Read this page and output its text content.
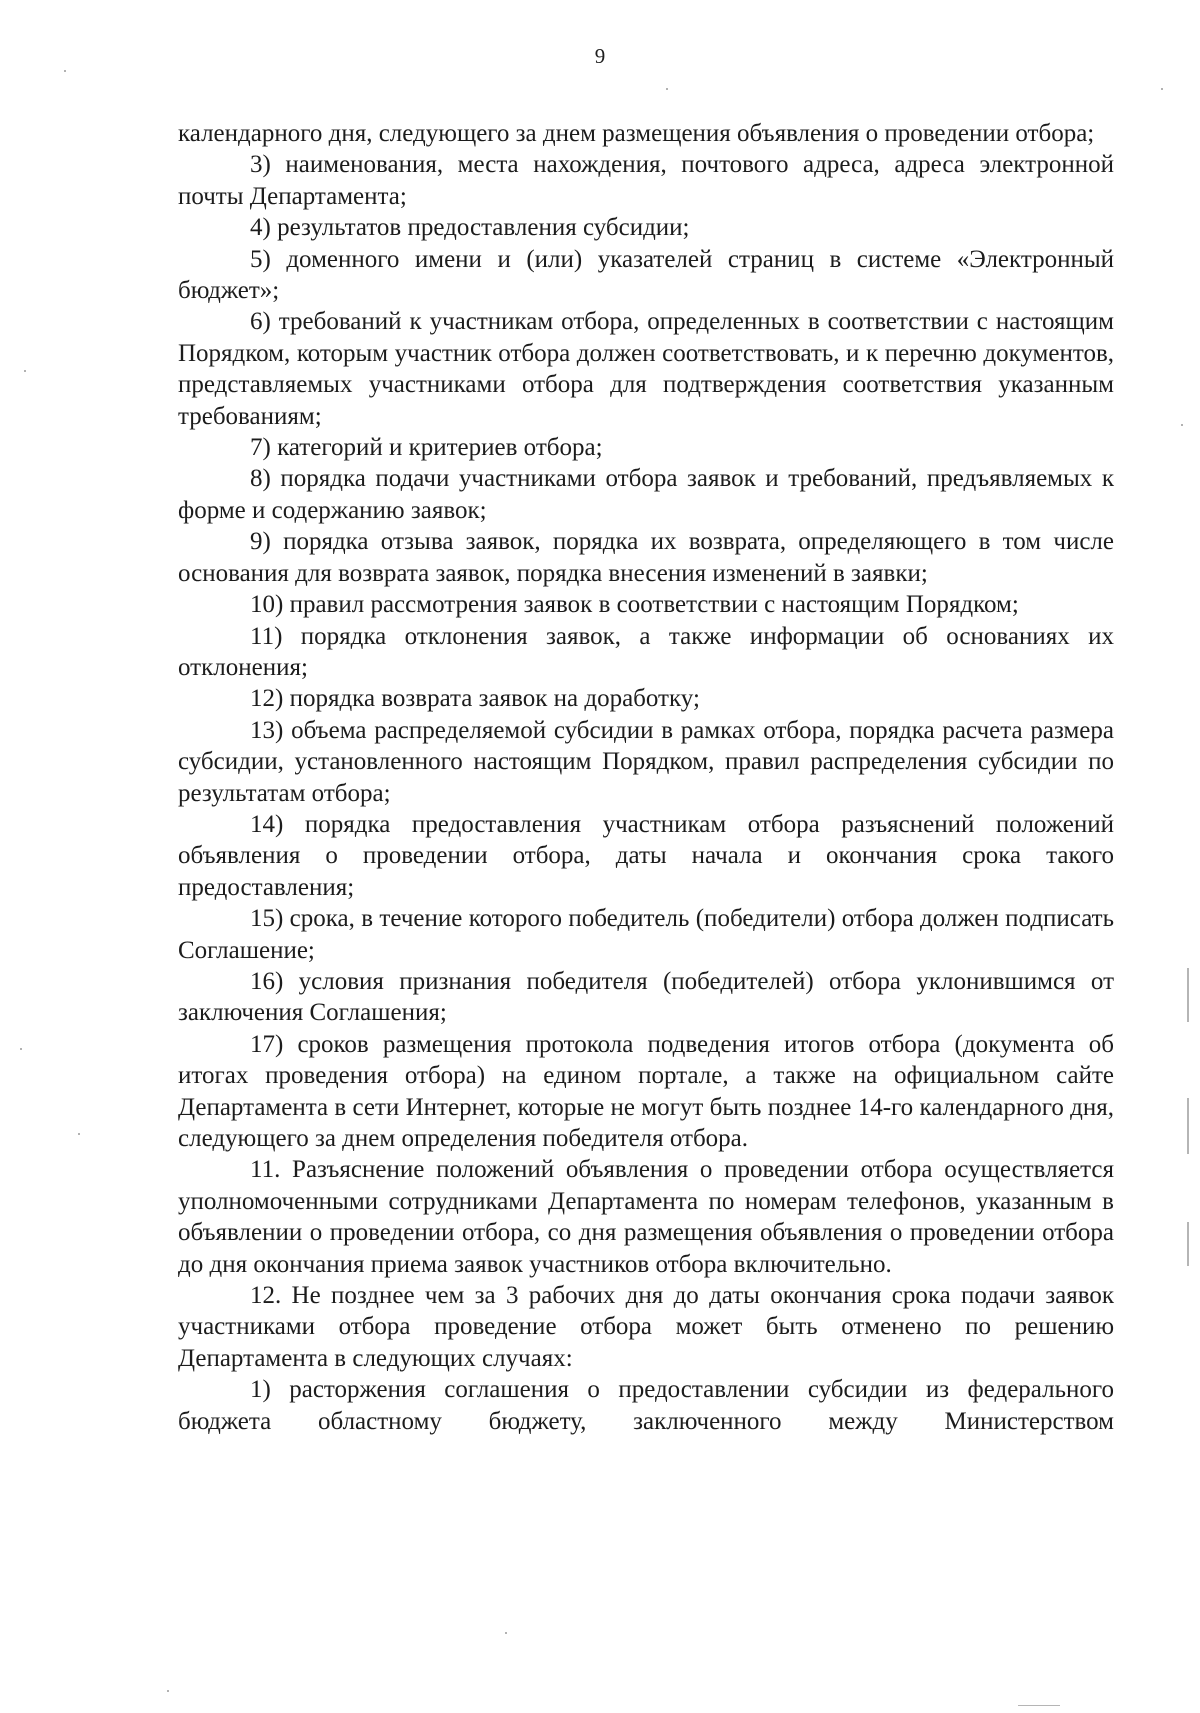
9

календарного дня, следующего за днем размещения объявления о проведении отбора;

3) наименования, места нахождения, почтового адреса, адреса электронной почты Департамента;

4) результатов предоставления субсидии;

5) доменного имени и (или) указателей страниц в системе «Электронный бюджет»;

6) требований к участникам отбора, определенных в соответствии с настоящим Порядком, которым участник отбора должен соответствовать, и к перечню документов, представляемых участниками отбора для подтверждения соответствия указанным требованиям;

7) категорий и критериев отбора;

8) порядка подачи участниками отбора заявок и требований, предъявляемых к форме и содержанию заявок;

9) порядка отзыва заявок, порядка их возврата, определяющего в том числе основания для возврата заявок, порядка внесения изменений в заявки;

10) правил рассмотрения заявок в соответствии с настоящим Порядком;

11) порядка отклонения заявок, а также информации об основаниях их отклонения;

12) порядка возврата заявок на доработку;

13) объема распределяемой субсидии в рамках отбора, порядка расчета размера субсидии, установленного настоящим Порядком, правил распределения субсидии по результатам отбора;

14) порядка предоставления участникам отбора разъяснений положений объявления о проведении отбора, даты начала и окончания срока такого предоставления;

15) срока, в течение которого победитель (победители) отбора должен подписать Соглашение;

16) условия признания победителя (победителей) отбора уклонившимся от заключения Соглашения;

17) сроков размещения протокола подведения итогов отбора (документа об итогах проведения отбора) на едином портале, а также на официальном сайте Департамента в сети Интернет, которые не могут быть позднее 14-го календарного дня, следующего за днем определения победителя отбора.

11. Разъяснение положений объявления о проведении отбора осуществляется уполномоченными сотрудниками Департамента по номерам телефонов, указанным в объявлении о проведении отбора, со дня размещения объявления о проведении отбора до дня окончания приема заявок участников отбора включительно.

12. Не позднее чем за 3 рабочих дня до даты окончания срока подачи заявок участниками отбора проведение отбора может быть отменено по решению Департамента в следующих случаях:

1) расторжения соглашения о предоставлении субсидии из федерального бюджета областному бюджету, заключенного между Министерством
